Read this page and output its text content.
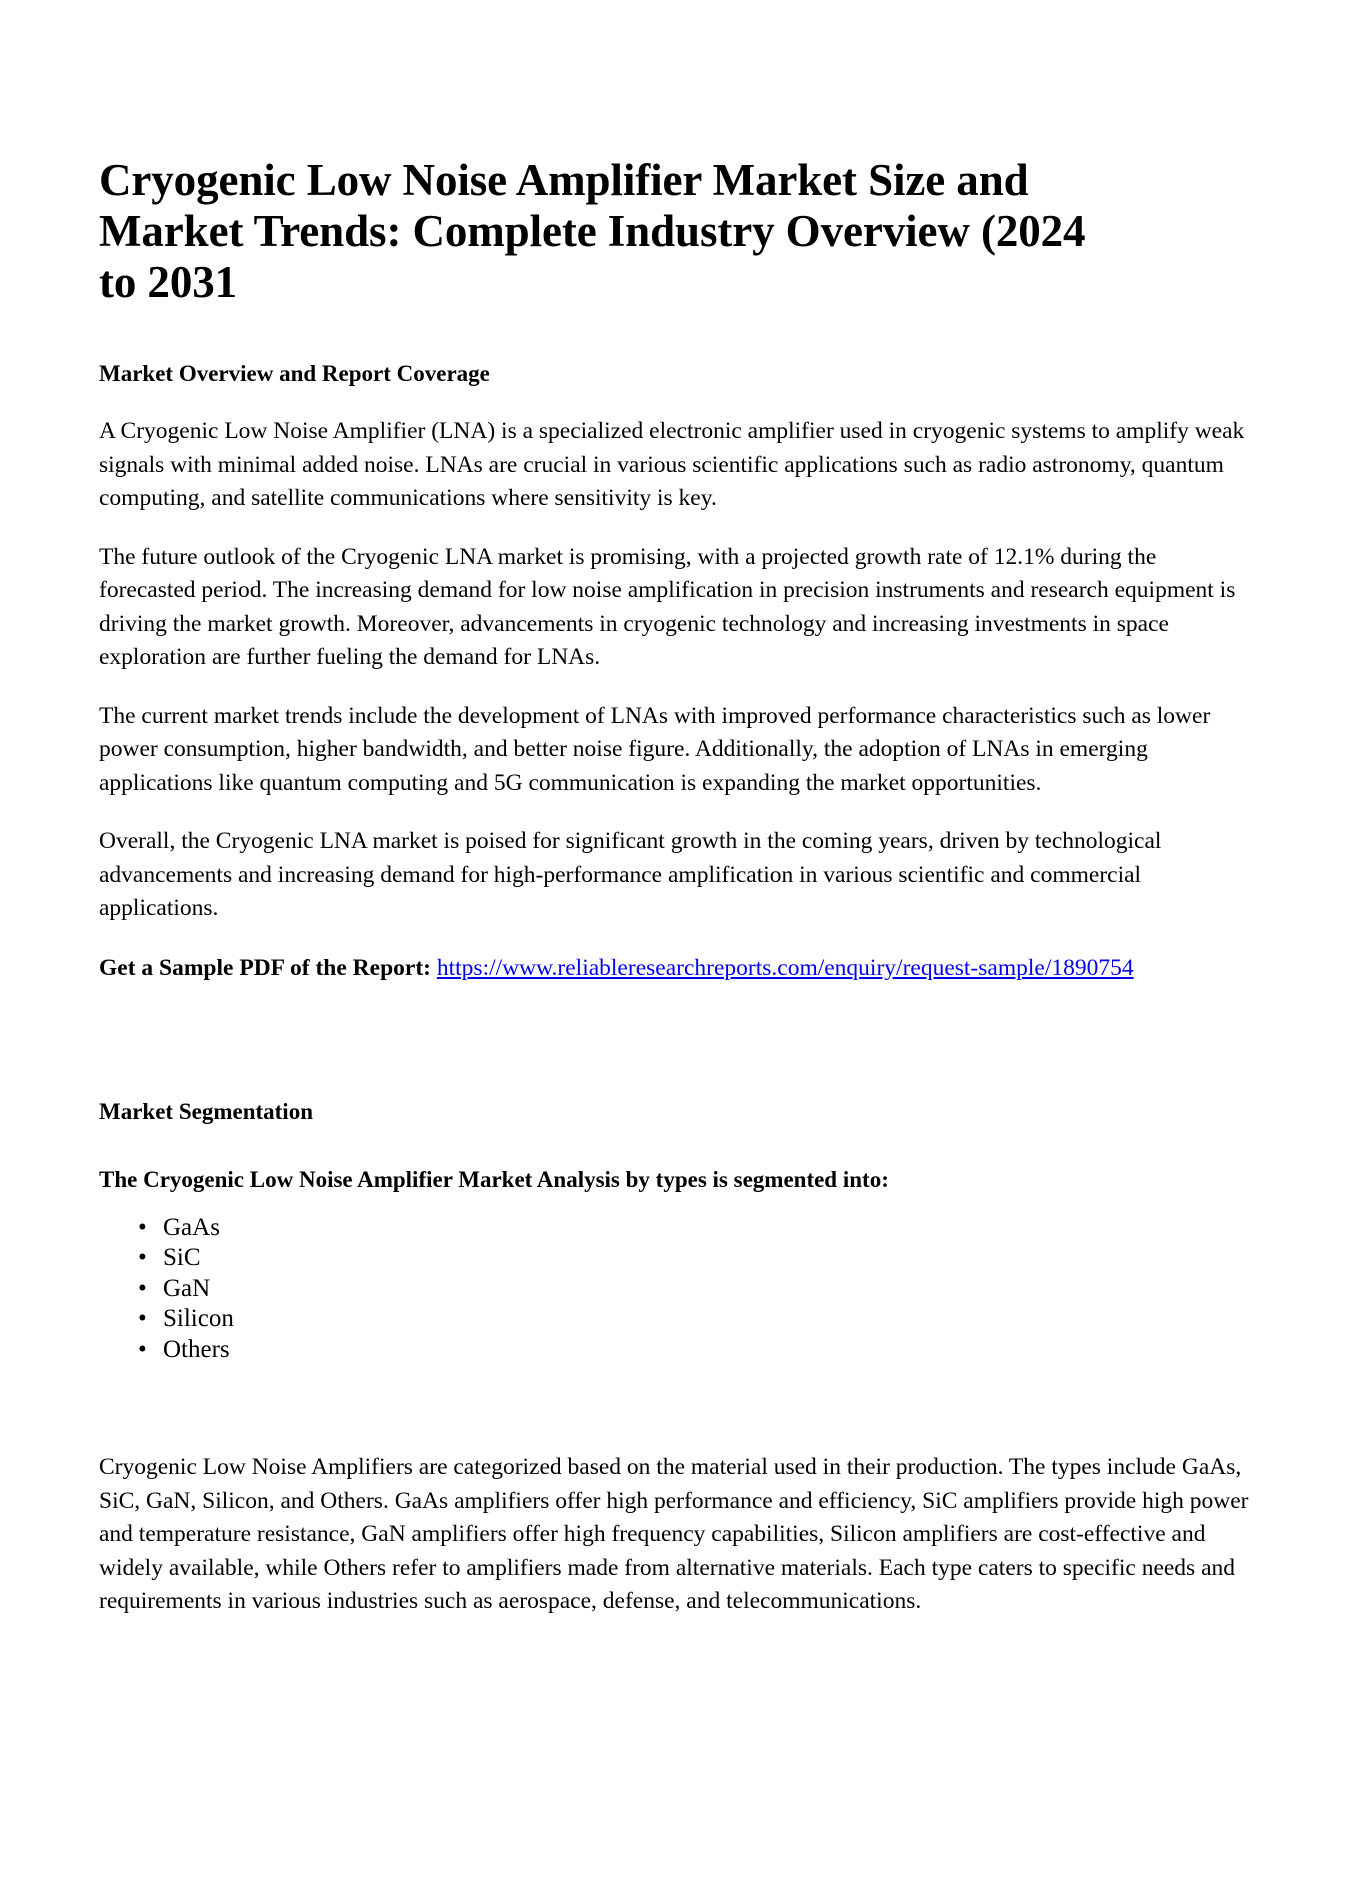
Cryogenic Low Noise Amplifier Market Size and Market Trends: Complete Industry Overview (2024 to 2031

Market Overview and Report Coverage

A Cryogenic Low Noise Amplifier (LNA) is a specialized electronic amplifier used in cryogenic systems to amplify weak signals with minimal added noise. LNAs are crucial in various scientific applications such as radio astronomy, quantum computing, and satellite communications where sensitivity is key.

The future outlook of the Cryogenic LNA market is promising, with a projected growth rate of 12.1% during the forecasted period. The increasing demand for low noise amplification in precision instruments and research equipment is driving the market growth. Moreover, advancements in cryogenic technology and increasing investments in space exploration are further fueling the demand for LNAs.

The current market trends include the development of LNAs with improved performance characteristics such as lower power consumption, higher bandwidth, and better noise figure. Additionally, the adoption of LNAs in emerging applications like quantum computing and 5G communication is expanding the market opportunities.

Overall, the Cryogenic LNA market is poised for significant growth in the coming years, driven by technological advancements and increasing demand for high-performance amplification in various scientific and commercial applications.

Get a Sample PDF of the Report: https://www.reliableresearchreports.com/enquiry/request-sample/1890754

Market Segmentation

The Cryogenic Low Noise Amplifier Market Analysis by types is segmented into:

• GaAs
• SiC
• GaN
• Silicon
• Others

Cryogenic Low Noise Amplifiers are categorized based on the material used in their production. The types include GaAs, SiC, GaN, Silicon, and Others. GaAs amplifiers offer high performance and efficiency, SiC amplifiers provide high power and temperature resistance, GaN amplifiers offer high frequency capabilities, Silicon amplifiers are cost-effective and widely available, while Others refer to amplifiers made from alternative materials. Each type caters to specific needs and requirements in various industries such as aerospace, defense, and telecommunications.
